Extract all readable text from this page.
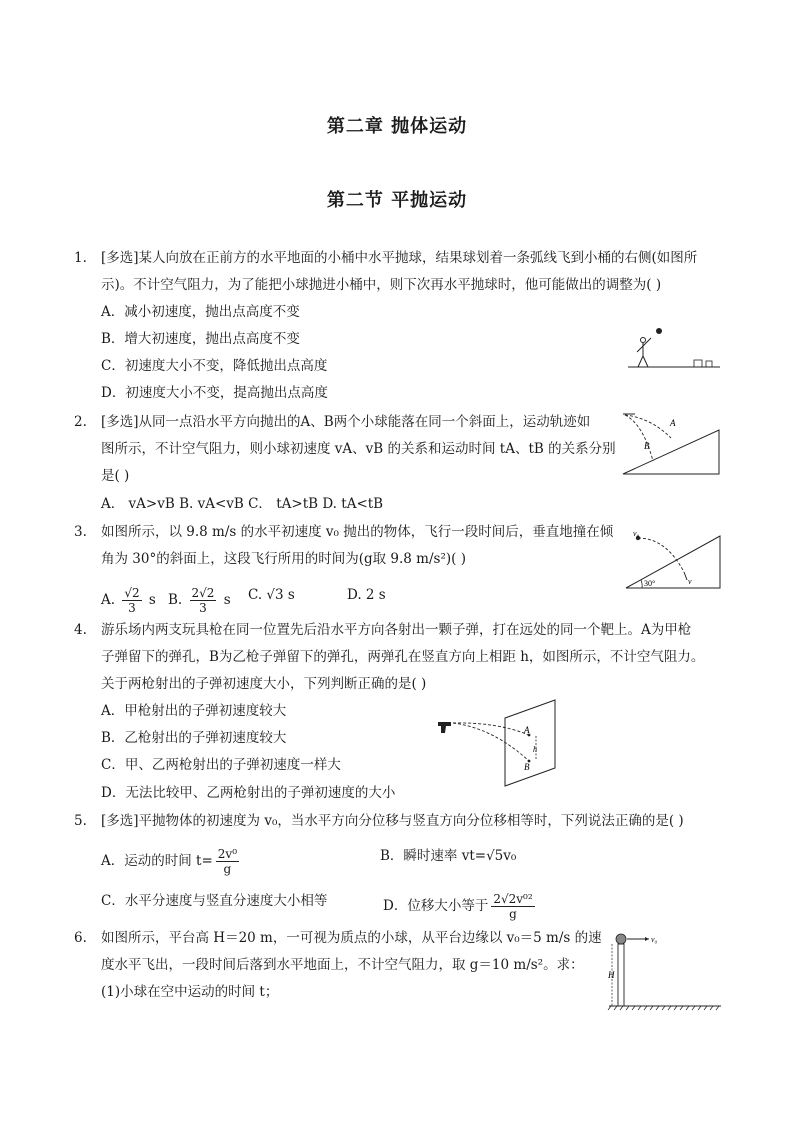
第二章 抛体运动
第二节 平抛运动
1. [多选]某人向放在正前方的水平地面的小桶中水平抛球，结果球划着一条弧线飞到小桶的右侧(如图所
示)。不计空气阻力，为了能把小球抛进小桶中，则下次再水平抛球时，他可能做出的调整为( )
A．减小初速度，抛出点高度不变
B．增大初速度，抛出点高度不变
C．初速度大小不变，降低抛出点高度
D．初速度大小不变，提高抛出点高度
2. [多选]从同一点沿水平方向抛出的A、B两个小球能落在同一个斜面上，运动轨迹如
图所示，不计空气阻力，则小球初速度 vA、vB 的关系和运动时间 tA、tB 的关系分别
是( )
A． vA>vB B. vA<vB C． tA>tB D. tA<tB
A
B
3. 如图所示，以 9.8 m/s 的水平初速度 v₀ 抛出的物体，飞行一段时间后，垂直地撞在倾
角为 30°的斜面上，这段飞行所用的时间为(g取 9.8 m/s²)( )
A. $\frac{√2}{3}$ s B. $\frac{2√2}{3}$ s C. √3 s	D. 2 s
v₀
v
30°
4. 游乐场内两支玩具枪在同一位置先后沿水平方向各射出一颗子弹，打在远处的同一个靶上。A为甲枪
子弹留下的弹孔，B为乙枪子弹留下的弹孔，两弹孔在竖直方向上相距 h，如图所示，不计空气阻力。
关于两枪射出的子弹初速度大小，下列判断正确的是( )
A．甲枪射出的子弹初速度较大
B．乙枪射出的子弹初速度较大
C．甲、乙两枪射出的子弹初速度一样大
D．无法比较甲、乙两枪射出的子弹初速度的大小
A
B
h
5. [多选]平抛物体的初速度为 v₀，当水平方向分位移与竖直方向分位移相等时，下列说法正确的是( )
A．运动的时间 $t= \frac{\text{2v⁰}}{g}$	B．瞬时速率 vt=√5v₀
C．水平分速度与竖直分速度大小相等	D．位移大小等于 $\frac{\text{2√2v⁰²}}{g}$
6. 如图所示，平台高 H＝20 m，一可视为质点的小球，从平台边缘以 v₀＝5 m/s 的速
度水平飞出，一段时间后落到水平地面上，不计空气阻力，取 g＝10 m/s²。求：
(1)小球在空中运动的时间 t；
v₀
H
